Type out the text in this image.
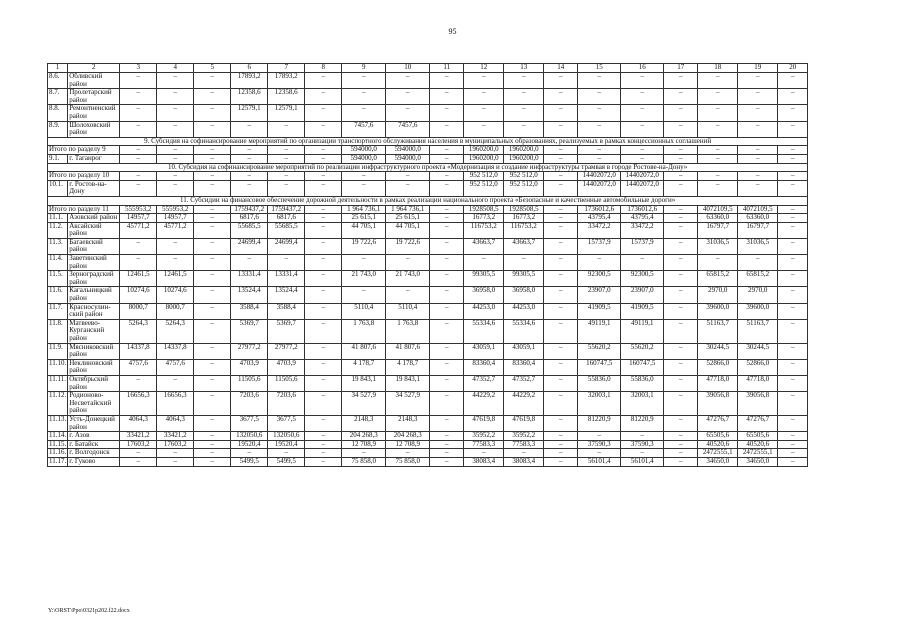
95
1	2	3	4	5	6	7	8	9	10	11	12	13	14	15	16	17	18	19	20
8.6.	Обливский район	–	–	–	17893,2	17893,2	–	–	–	–	–	–	–	–	–	–	–	–	–
8.7.	Пролетарский район	–	–	–	12358,6	12358,6	–	–	–	–	–	–	–	–	–	–	–	–	–
8.8.	Ремонтненский район	–	–	–	12579,1	12579,1	–	–	–	–	–	–	–	–	–	–	–	–	–
8.9.	Шолоховский район	–	–	–	–	–	–	7457,6	7457,6	–	–	–	–	–	–	–	–	–	–
9. Субсидия на софинансирование мероприятий по организации транспортного обслуживания населения в муниципальных образованиях, реализуемых в рамках концессионных соглашений																			
Итого по разделу 9		–	–	–	–	–	–	594000,0	594000,0	–	1960200,0	1960200,0	–	–	–	–	–	–	–
9.1.	г. Таганрог	–	–	–	–	–	–	594000,0	594000,0	–	1960200,0	1960200,0	–	–	–	–	–	–	–
10. Субсидия на софинансирование мероприятий по реализации инфраструктурного проекта «Модернизация и создание инфраструктуры трамвая в городе Ростове-на-Дону»																			
Итого по разделу 10		–	–	–	–	–	–	–	–	–	952 512,0	952 512,0	–	14402072,0	14402072,0	–	–	–	–
10.1.	г. Ростов-на-Дону	–	–	–	–	–	–	–	–	–	952 512,0	952 512,0	–	14402072,0	14402072,0	–	–	–	–
11. Субсидии на финансовое обеспечение дорожной деятельности в рамках реализации национального проекта «Безопасные и качественные автомобильные дороги»																			
Итого по разделу 11		555953,2	555953,2	–	1759437,2	1759437,2	–	1 964 736,1	1 964 736,1	–	1928508,5	1928508,5	–	1736012,6	1736012,6	–	4072109,5	4072109,5	–
11.1.	Азовский район	14957,7	14957,7	–	6817,6	6817,6	–	25 615,1	25 615,1	–	16773,2	16773,2	–	43795,4	43795,4	–	63360,0	63360,0	–
11.2.	Аксайский район	45771,2	45771,2	–	55685,5	55685,5	–	44 705,1	44 705,1	–	116753,2	116753,2	–	33472,2	33472,2	–	16797,7	16797,7	–
11.3.	Багаевский район	–	–	–	24699,4	24699,4	–	19 722,6	19 722,6	–	43663,7	43663,7	–	15737,9	15737,9	–	31036,5	31036,5	–
11.4.	Заветинский район	–	–	–	–	–	–	–	–	–	–	–	–	–	–	–	–	–	–
11.5.	Зерноградский район	12461,5	12461,5	–	13331,4	13331,4	–	21 743,0	21 743,0	–	99305,5	99305,5	–	92300,5	92300,5	–	65815,2	65815,2	–
11.6.	Кагальницкий район	10274,6	10274,6	–	13524,4	13524,4	–	–	–	–	36958,0	36958,0	–	23907,0	23907,0	–	2970,0	2970,0	–
11.7.	Красносулин-ский район	8000,7	8000,7	–	3588,4	3588,4	–	5110,4	5110,4	–	44253,0	44253,0	–	41909,5	41909,5	–	39600,0	39600,0	–
11.8.	Матвеево-Курганский район	5264,3	5264,3	–	5369,7	5369,7	–	1 763,8	1 763,8	–	55334,6	55334,6	–	49119,1	49119,1	–	51163,7	51163,7	–
11.9.	Мясниковский район	14337,8	14337,8	–	27977,2	27977,2	–	41 807,6	41 807,6	–	43059,1	43059,1	–	55620,2	55620,2	–	30244,5	30244,5	–
11.10.	Неклиновский район	4757,6	4757,6	–	4703,9	4703,9	–	4 178,7	4 178,7	–	83360,4	83360,4	–	160747,5	160747,5	–	52866,0	52866,0	–
11.11.	Октябрьский район	–	–	–	11505,6	11505,6	–	19 843,1	19 843,1	–	47352,7	47352,7	–	55836,0	55836,0	–	47718,0	47718,0	–
11.12.	Родионово-Несветайский район	16656,3	16656,3	–	7203,6	7203,6	–	34 527,9	34 527,9	–	44229,2	44229,2	–	32003,1	32003,1	–	39056,8	39056,8	–
11.13.	Усть-Донецкий район	4064,3	4064,3	–	3677,5	3677,5	–	2148,3	2148,3	–	47619,8	47619,8	–	81220,9	81220,9	–	47276,7	47276,7	–
11.14.	г. Азов	33421,2	33421,2	–	132050,6	132050,6	–	204 268,3	204 268,3	–	35952,2	35952,2	–	–	–	–	65505,6	65505,6	–
11.15.	г. Батайск	17603,2	17603,2	–	19520,4	19520,4	–	12 708,9	12 708,9	–	77583,3	77583,3	–	37590,3	37590,3	–	40520,6	40520,6	–
11.16.	г. Волгодонск	–	–	–	–	–	–	–	–	–	–	–	–	–	–	–	2472555,1	2472555,1	–
11.17.	г. Гуково	–	–	–	5499,5	5499,5	–	75 858,0	75 858,0	–	38083,4	38083,4	–	56101,4	56101,4	–	34650,0	34650,0	–
Y:\ORST\Ppo\0321p202.f22.docx
